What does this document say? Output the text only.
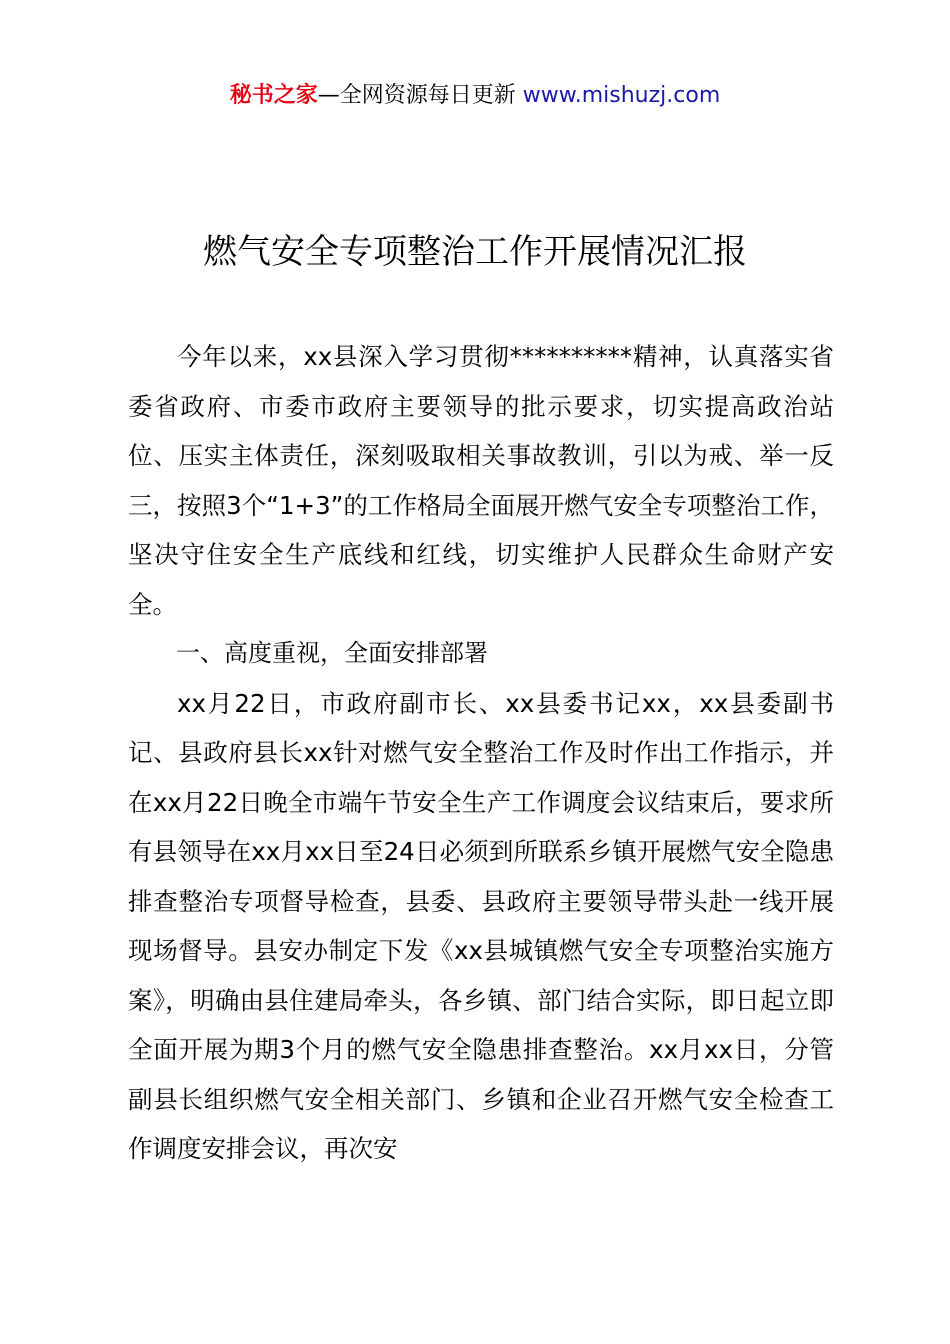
秘书之家—全网资源每日更新 www.mishuzj.com
燃气安全专项整治工作开展情况汇报

今年以来，xx县深入学习贯彻**********精神，认真落实省委省政府、市委市政府主要领导的批示要求，切实提高政治站位、压实主体责任，深刻吸取相关事故教训，引以为戒、举一反三，按照3个“1+3”的工作格局全面展开燃气安全专项整治工作，坚决守住安全生产底线和红线，切实维护人民群众生命财产安全。

一、高度重视，全面安排部署

xx月22日，市政府副市长、xx县委书记xx，xx县委副书记、县政府县长xx针对燃气安全整治工作及时作出工作指示，并在xx月22日晚全市端午节安全生产工作调度会议结束后，要求所有县领导在xx月xx日至24日必须到所联系乡镇开展燃气安全隐患排查整治专项督导检查，县委、县政府主要领导带头赴一线开展现场督导。县安办制定下发《xx县城镇燃气安全专项整治实施方案》，明确由县住建局牵头，各乡镇、部门结合实际，即日起立即全面开展为期3个月的燃气安全隐患排查整治。xx月xx日，分管副县长组织燃气安全相关部门、乡镇和企业召开燃气安全检查工作调度安排会议，再次安
